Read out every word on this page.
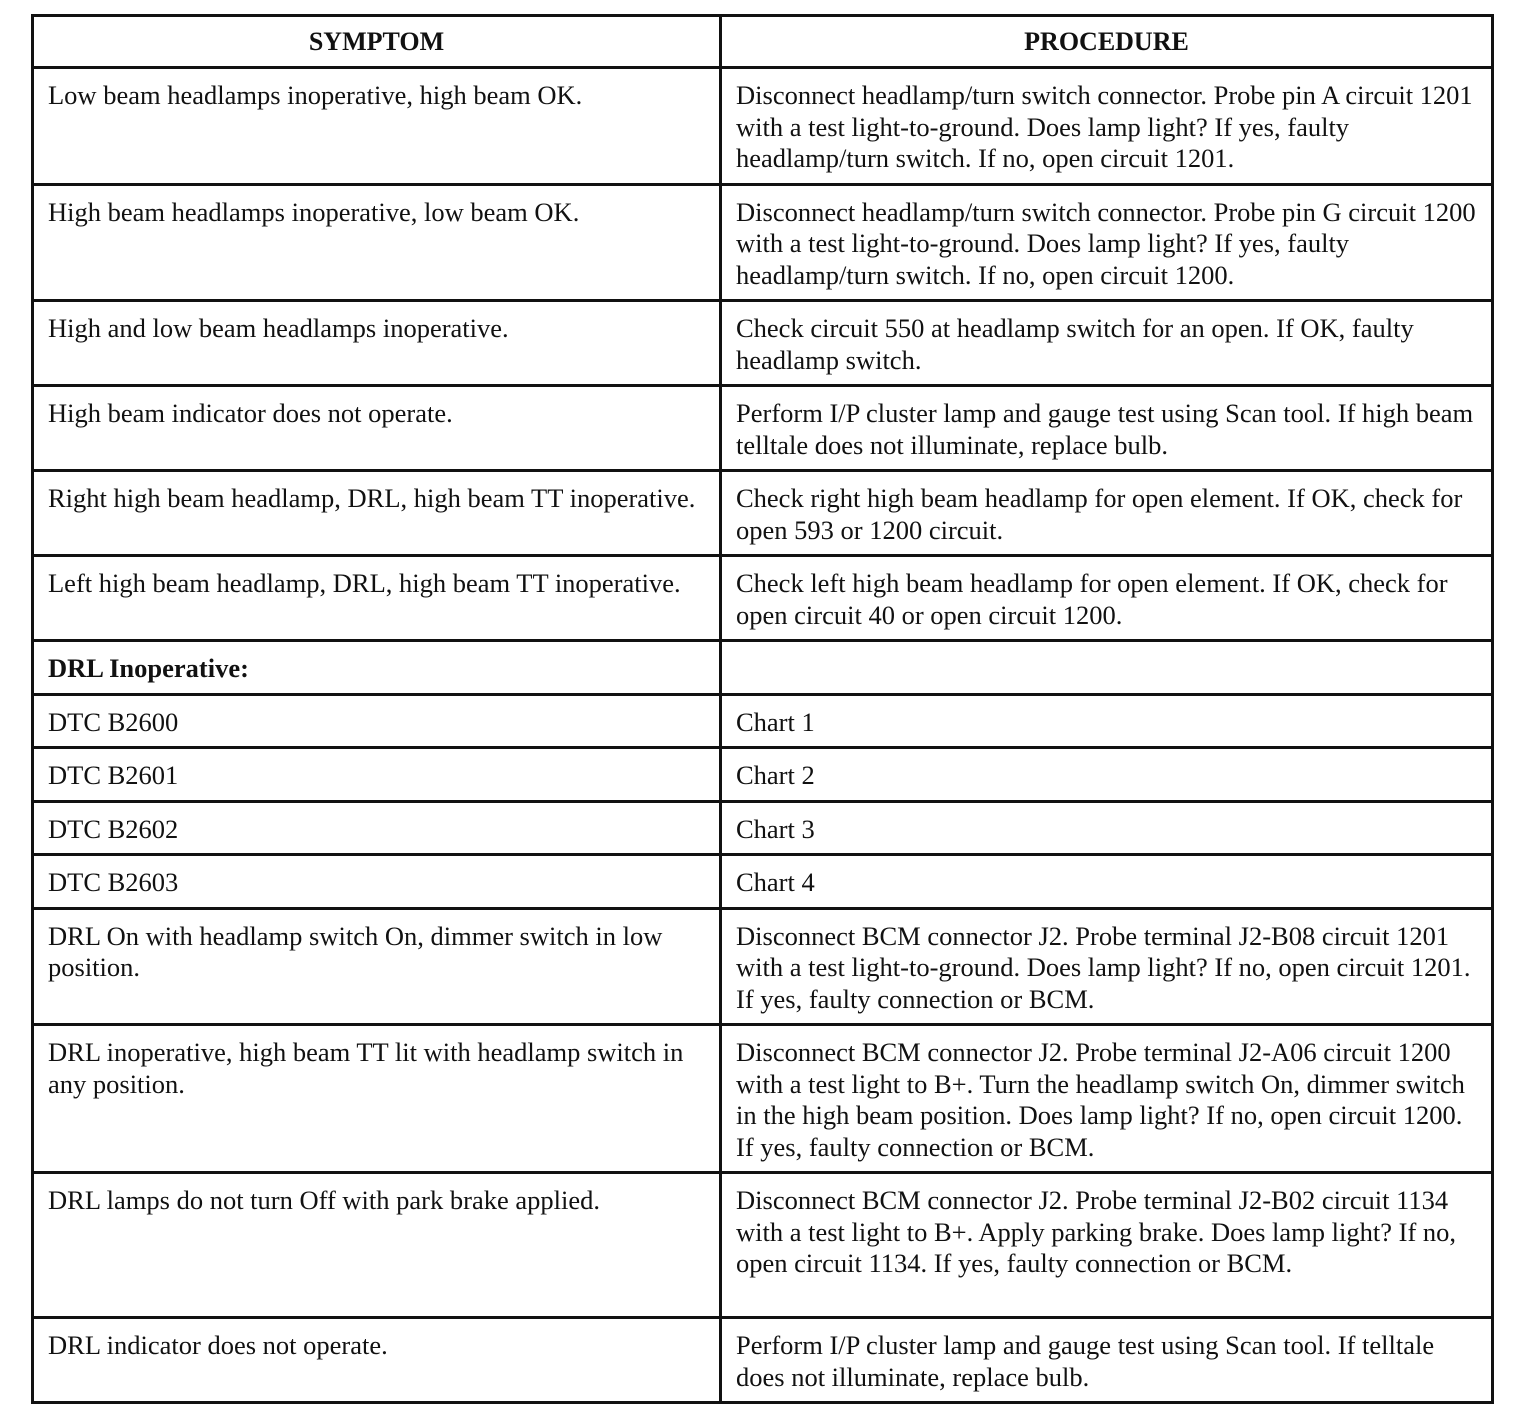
SYMPTOM	PROCEDURE
Low beam headlamps inoperative, high beam OK.	Disconnect headlamp/turn switch connector. Probe pin A circuit 1201 with a test light-to-ground. Does lamp light? If yes, faulty headlamp/turn switch. If no, open circuit 1201.
High beam headlamps inoperative, low beam OK.	Disconnect headlamp/turn switch connector. Probe pin G circuit 1200 with a test light-to-ground. Does lamp light? If yes, faulty headlamp/turn switch. If no, open circuit 1200.
High and low beam headlamps inoperative.	Check circuit 550 at headlamp switch for an open. If OK, faulty headlamp switch.
High beam indicator does not operate.	Perform I/P cluster lamp and gauge test using Scan tool. If high beam telltale does not illuminate, replace bulb.
Right high beam headlamp, DRL, high beam TT inoperative.	Check right high beam headlamp for open element. If OK, check for open 593 or 1200 circuit.
Left high beam headlamp, DRL, high beam TT inoperative.	Check left high beam headlamp for open element. If OK, check for open circuit 40 or open circuit 1200.
DRL Inoperative:	
DTC B2600	Chart 1
DTC B2601	Chart 2
DTC B2602	Chart 3
DTC B2603	Chart 4
DRL On with headlamp switch On, dimmer switch in low position.	Disconnect BCM connector J2. Probe terminal J2-B08 circuit 1201 with a test light-to-ground. Does lamp light? If no, open circuit 1201. If yes, faulty connection or BCM.
DRL inoperative, high beam TT lit with headlamp switch in any position.	Disconnect BCM connector J2. Probe terminal J2-A06 circuit 1200 with a test light to B+. Turn the headlamp switch On, dimmer switch in the high beam position. Does lamp light? If no, open circuit 1200. If yes, faulty connection or BCM.
DRL lamps do not turn Off with park brake applied.	Disconnect BCM connector J2. Probe terminal J2-B02 circuit 1134 with a test light to B+. Apply parking brake. Does lamp light? If no, open circuit 1134. If yes, faulty connection or BCM.
DRL indicator does not operate.	Perform I/P cluster lamp and gauge test using Scan tool. If telltale does not illuminate, replace bulb.
